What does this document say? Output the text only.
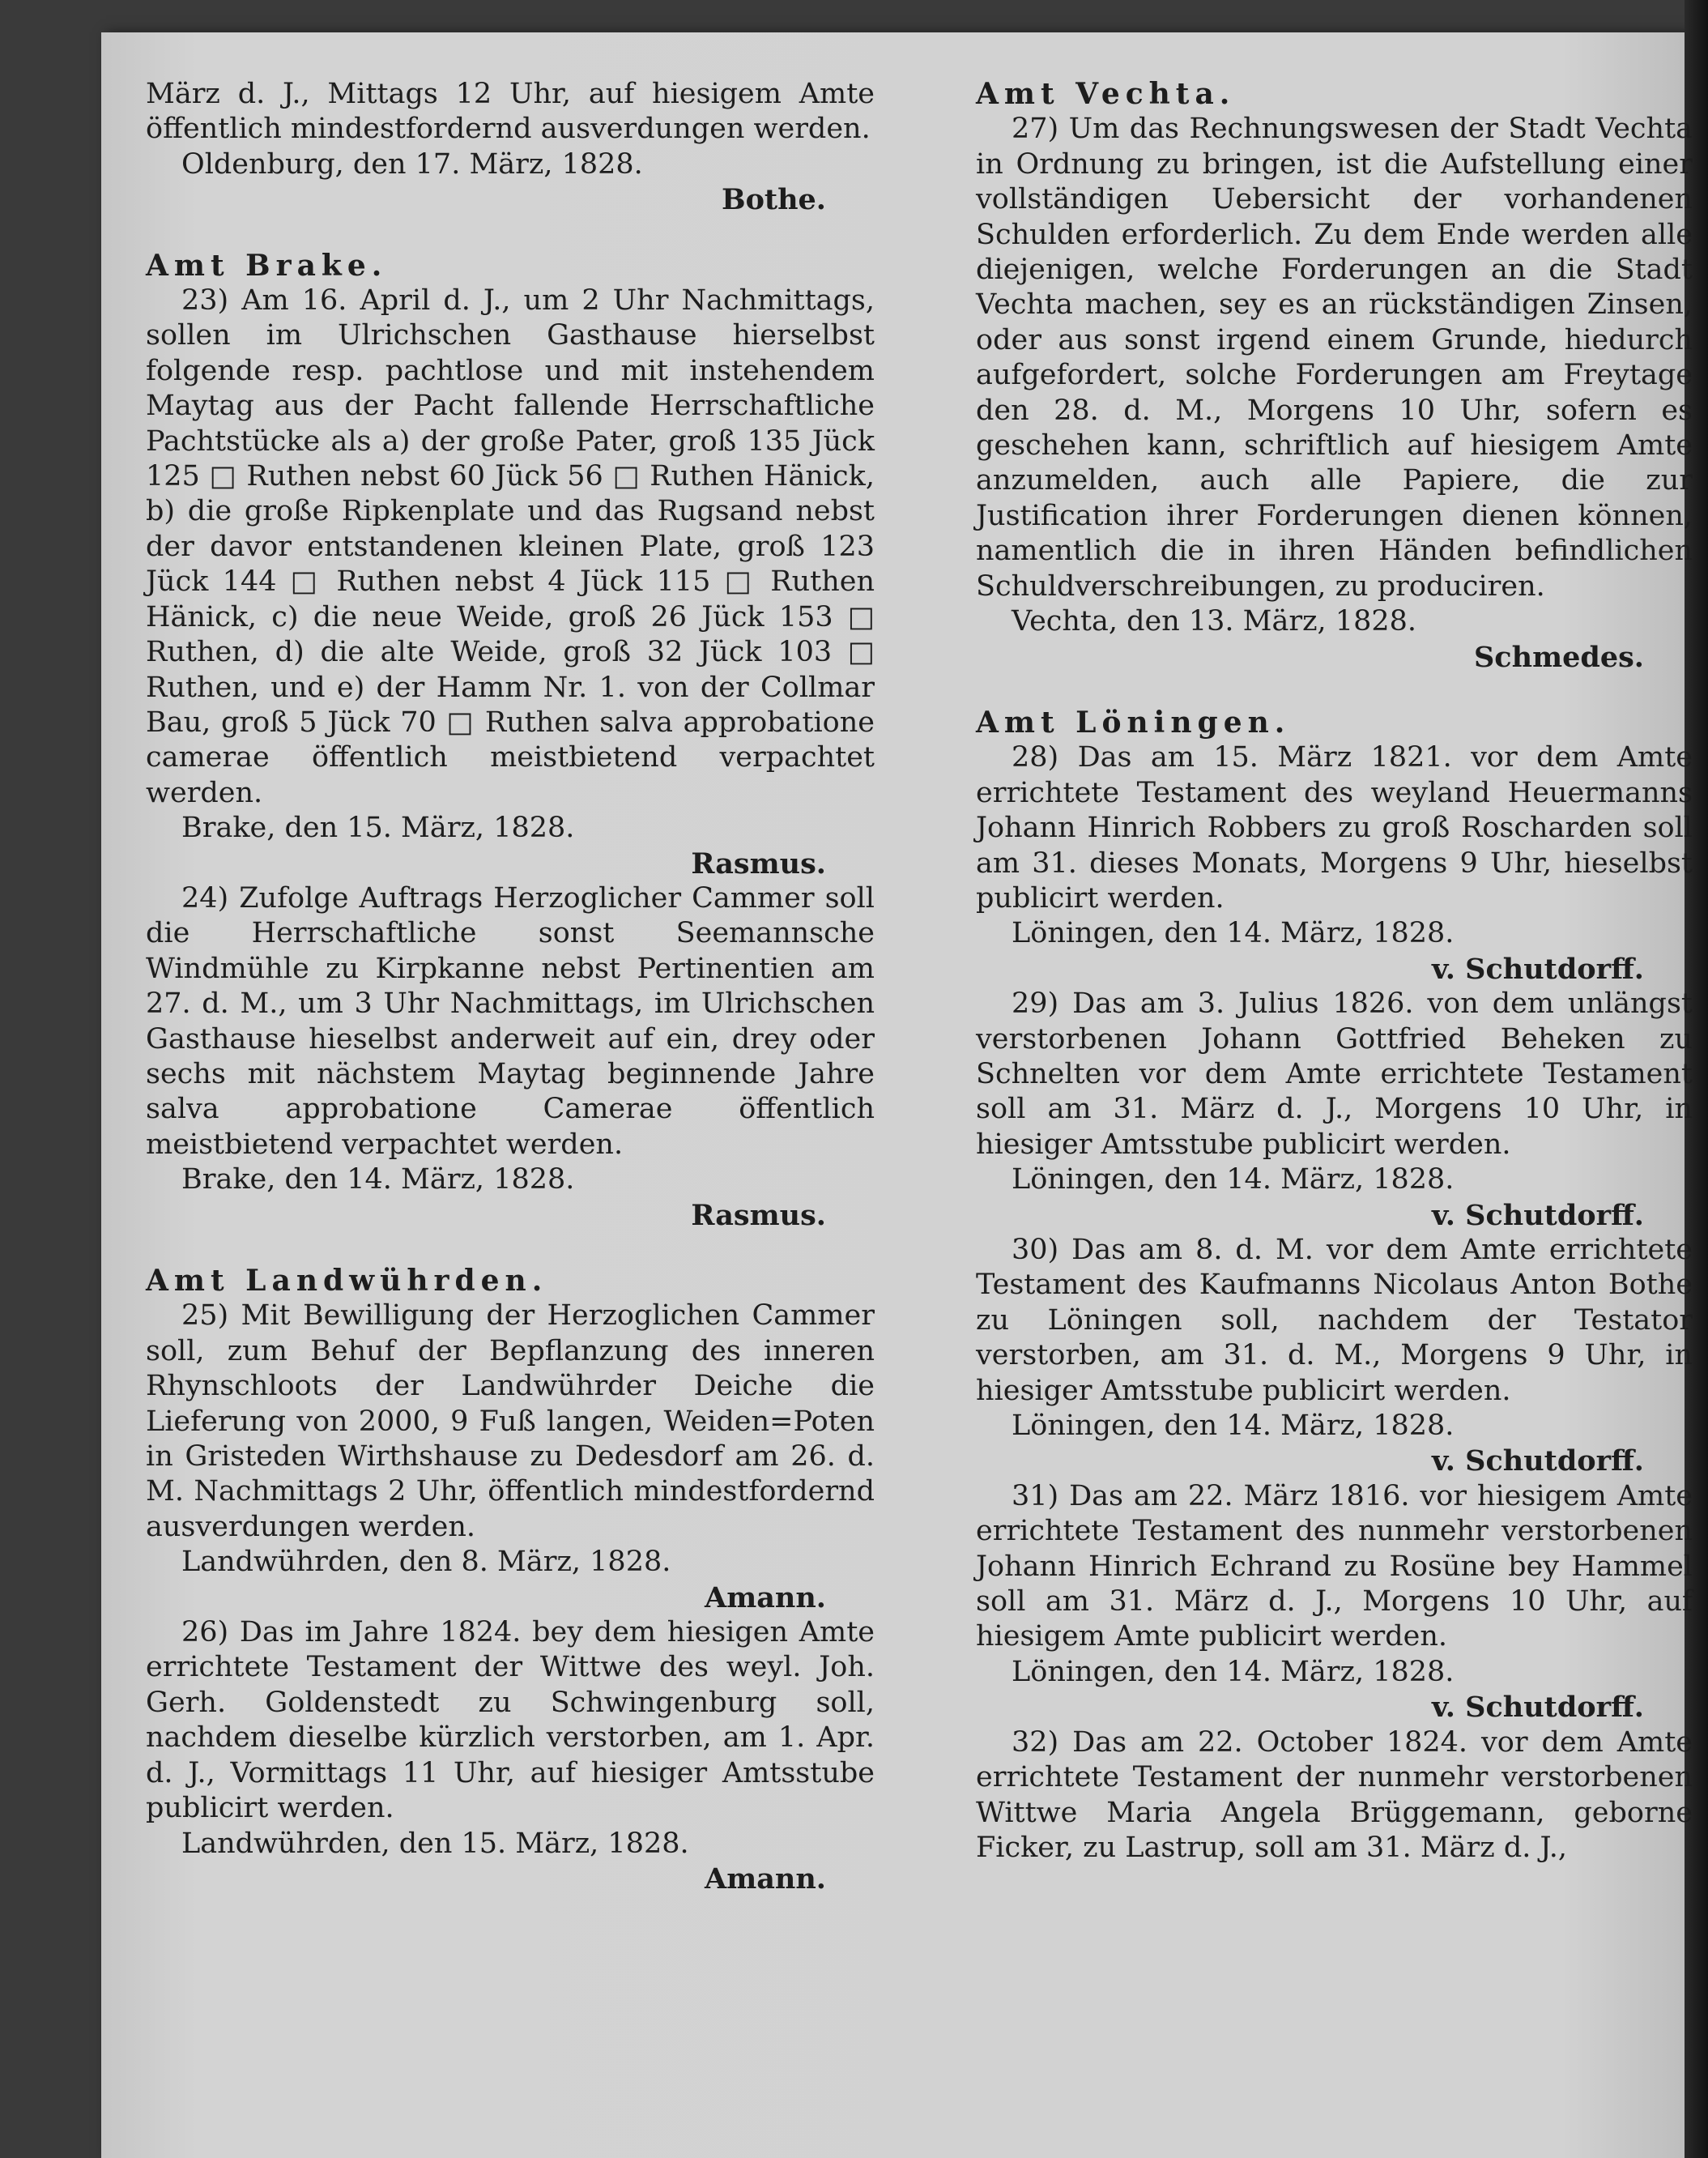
März d. J., Mittags 12 Uhr, auf hiesigem Amte öffentlich mindestfordernd ausverdungen werden.

Oldenburg, den 17. März, 1828.

Bothe.

Amt Brake.

23) Am 16. April d. J., um 2 Uhr Nachmittags, sollen im Ulrichschen Gasthause hierselbst folgende resp. pachtlose und mit instehendem Maytag aus der Pacht fallende Herrschaftliche Pachtstücke als a) der große Pater, groß 135 Jück 125 □ Ruthen nebst 60 Jück 56 □ Ruthen Hänick, b) die große Ripkenplate und das Rugsand nebst der davor entstandenen kleinen Plate, groß 123 Jück 144 □ Ruthen nebst 4 Jück 115 □ Ruthen Hänick, c) die neue Weide, groß 26 Jück 153 □ Ruthen, d) die alte Weide, groß 32 Jück 103 □ Ruthen, und e) der Hamm Nr. 1. von der Collmar Bau, groß 5 Jück 70 □ Ruthen salva approbatione camerae öffentlich meistbietend verpachtet werden.

Brake, den 15. März, 1828.

Rasmus.

24) Zufolge Auftrags Herzoglicher Cammer soll die Herrschaftliche sonst Seemannsche Windmühle zu Kirpkanne nebst Pertinentien am 27. d. M., um 3 Uhr Nachmittags, im Ulrichschen Gasthause hieselbst anderweit auf ein, drey oder sechs mit nächstem Maytag beginnende Jahre salva approbatione Camerae öffentlich meistbietend verpachtet werden.

Brake, den 14. März, 1828.

Rasmus.

Amt Landwührden.

25) Mit Bewilligung der Herzoglichen Cammer soll, zum Behuf der Bepflanzung des inneren Rhynschloots der Landwührder Deiche die Lieferung von 2000, 9 Fuß langen, Weiden=Poten in Gristeden Wirthshause zu Dedesdorf am 26. d. M. Nachmittags 2 Uhr, öffentlich mindestfordernd ausverdungen werden.

Landwührden, den 8. März, 1828.

Amann.

26) Das im Jahre 1824. bey dem hiesigen Amte errichtete Testament der Wittwe des weyl. Joh. Gerh. Goldenstedt zu Schwingenburg soll, nachdem dieselbe kürzlich verstorben, am 1. Apr. d. J., Vormittags 11 Uhr, auf hiesiger Amtsstube publicirt werden.

Landwührden, den 15. März, 1828.

Amann.

Amt Vechta.

27) Um das Rechnungswesen der Stadt Vechta in Ordnung zu bringen, ist die Aufstellung einer vollständigen Uebersicht der vorhandenen Schulden erforderlich. Zu dem Ende werden alle diejenigen, welche Forderungen an die Stadt Vechta machen, sey es an rückständigen Zinsen, oder aus sonst irgend einem Grunde, hiedurch aufgefordert, solche Forderungen am Freytage den 28. d. M., Morgens 10 Uhr, sofern es geschehen kann, schriftlich auf hiesigem Amte anzumelden, auch alle Papiere, die zur Justification ihrer Forderungen dienen können, namentlich die in ihren Händen befindlichen Schuldverschreibungen, zu produciren.

Vechta, den 13. März, 1828.

Schmedes.

Amt Löningen.

28) Das am 15. März 1821. vor dem Amte errichtete Testament des weyland Heuermanns Johann Hinrich Robbers zu groß Roscharden soll am 31. dieses Monats, Morgens 9 Uhr, hieselbst publicirt werden.

Löningen, den 14. März, 1828.

v. Schutdorff.

29) Das am 3. Julius 1826. von dem unlängst verstorbenen Johann Gottfried Beheken zu Schnelten vor dem Amte errichtete Testament soll am 31. März d. J., Morgens 10 Uhr, in hiesiger Amtsstube publicirt werden.

Löningen, den 14. März, 1828.

v. Schutdorff.

30) Das am 8. d. M. vor dem Amte errichtete Testament des Kaufmanns Nicolaus Anton Bothe zu Löningen soll, nachdem der Testator verstorben, am 31. d. M., Morgens 9 Uhr, in hiesiger Amtsstube publicirt werden.

Löningen, den 14. März, 1828.

v. Schutdorff.

31) Das am 22. März 1816. vor hiesigem Amte errichtete Testament des nunmehr verstorbenen Johann Hinrich Echrand zu Rosüne bey Hammel soll am 31. März d. J., Morgens 10 Uhr, auf hiesigem Amte publicirt werden.

Löningen, den 14. März, 1828.

v. Schutdorff.

32) Das am 22. October 1824. vor dem Amte errichtete Testament der nunmehr verstorbenen Wittwe Maria Angela Brüggemann, geborne Ficker, zu Lastrup, soll am 31. März d. J.,
